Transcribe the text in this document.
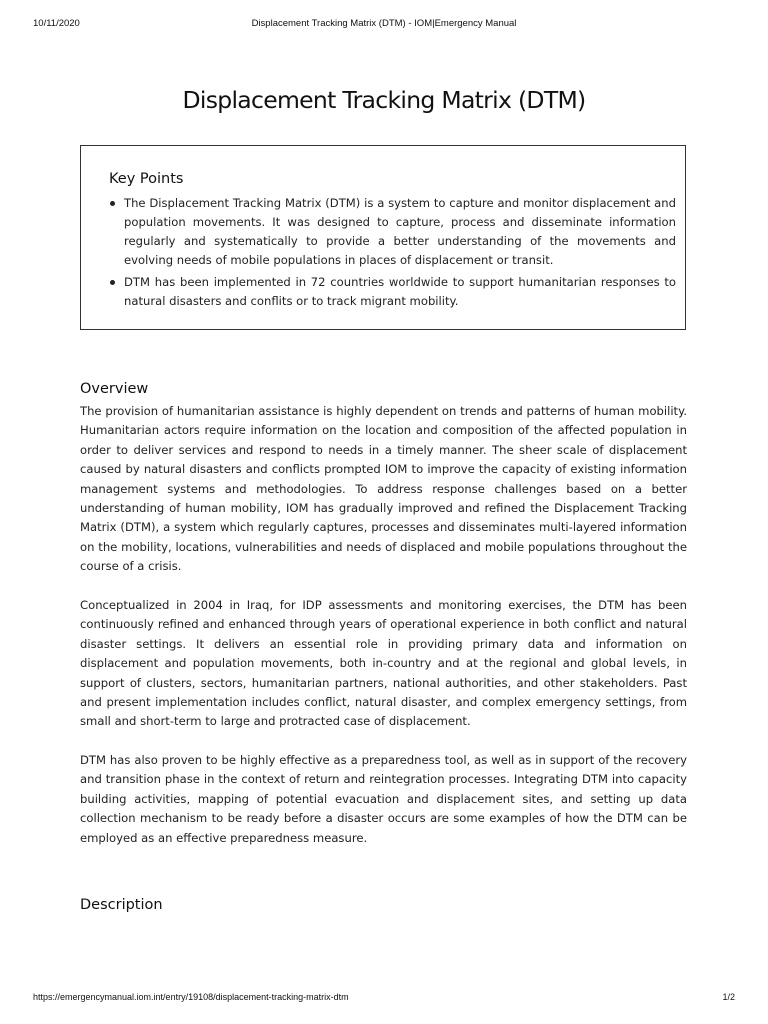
10/11/2020	Displacement Tracking Matrix (DTM) - IOM|Emergency Manual
Displacement Tracking Matrix (DTM)
Key Points
The Displacement Tracking Matrix (DTM) is a system to capture and monitor displacement and population movements. It was designed to capture, process and disseminate information regularly and systematically to provide a better understanding of the movements and evolving needs of mobile populations in places of displacement or transit.
DTM has been implemented in 72 countries worldwide to support humanitarian responses to natural disasters and conflits or to track migrant mobility.
Overview

The provision of humanitarian assistance is highly dependent on trends and patterns of human mobility. Humanitarian actors require information on the location and composition of the affected population in order to deliver services and respond to needs in a timely manner. The sheer scale of displacement caused by natural disasters and conflicts prompted IOM to improve the capacity of existing information management systems and methodologies. To address response challenges based on a better understanding of human mobility, IOM has gradually improved and refined the Displacement Tracking Matrix (DTM), a system which regularly captures, processes and disseminates multi-layered information on the mobility, locations, vulnerabilities and needs of displaced and mobile populations throughout the course of a crisis.

Conceptualized in 2004 in Iraq, for IDP assessments and monitoring exercises, the DTM has been continuously refined and enhanced through years of operational experience in both conflict and natural disaster settings. It delivers an essential role in providing primary data and information on displacement and population movements, both in-country and at the regional and global levels, in support of clusters, sectors, humanitarian partners, national authorities, and other stakeholders. Past and present implementation includes conflict, natural disaster, and complex emergency settings, from small and short-term to large and protracted case of displacement.

DTM has also proven to be highly effective as a preparedness tool, as well as in support of the recovery and transition phase in the context of return and reintegration processes. Integrating DTM into capacity building activities, mapping of potential evacuation and displacement sites, and setting up data collection mechanism to be ready before a disaster occurs are some examples of how the DTM can be employed as an effective preparedness measure.

Description
https://emergencymanual.iom.int/entry/19108/displacement-tracking-matrix-dtm	1/2
